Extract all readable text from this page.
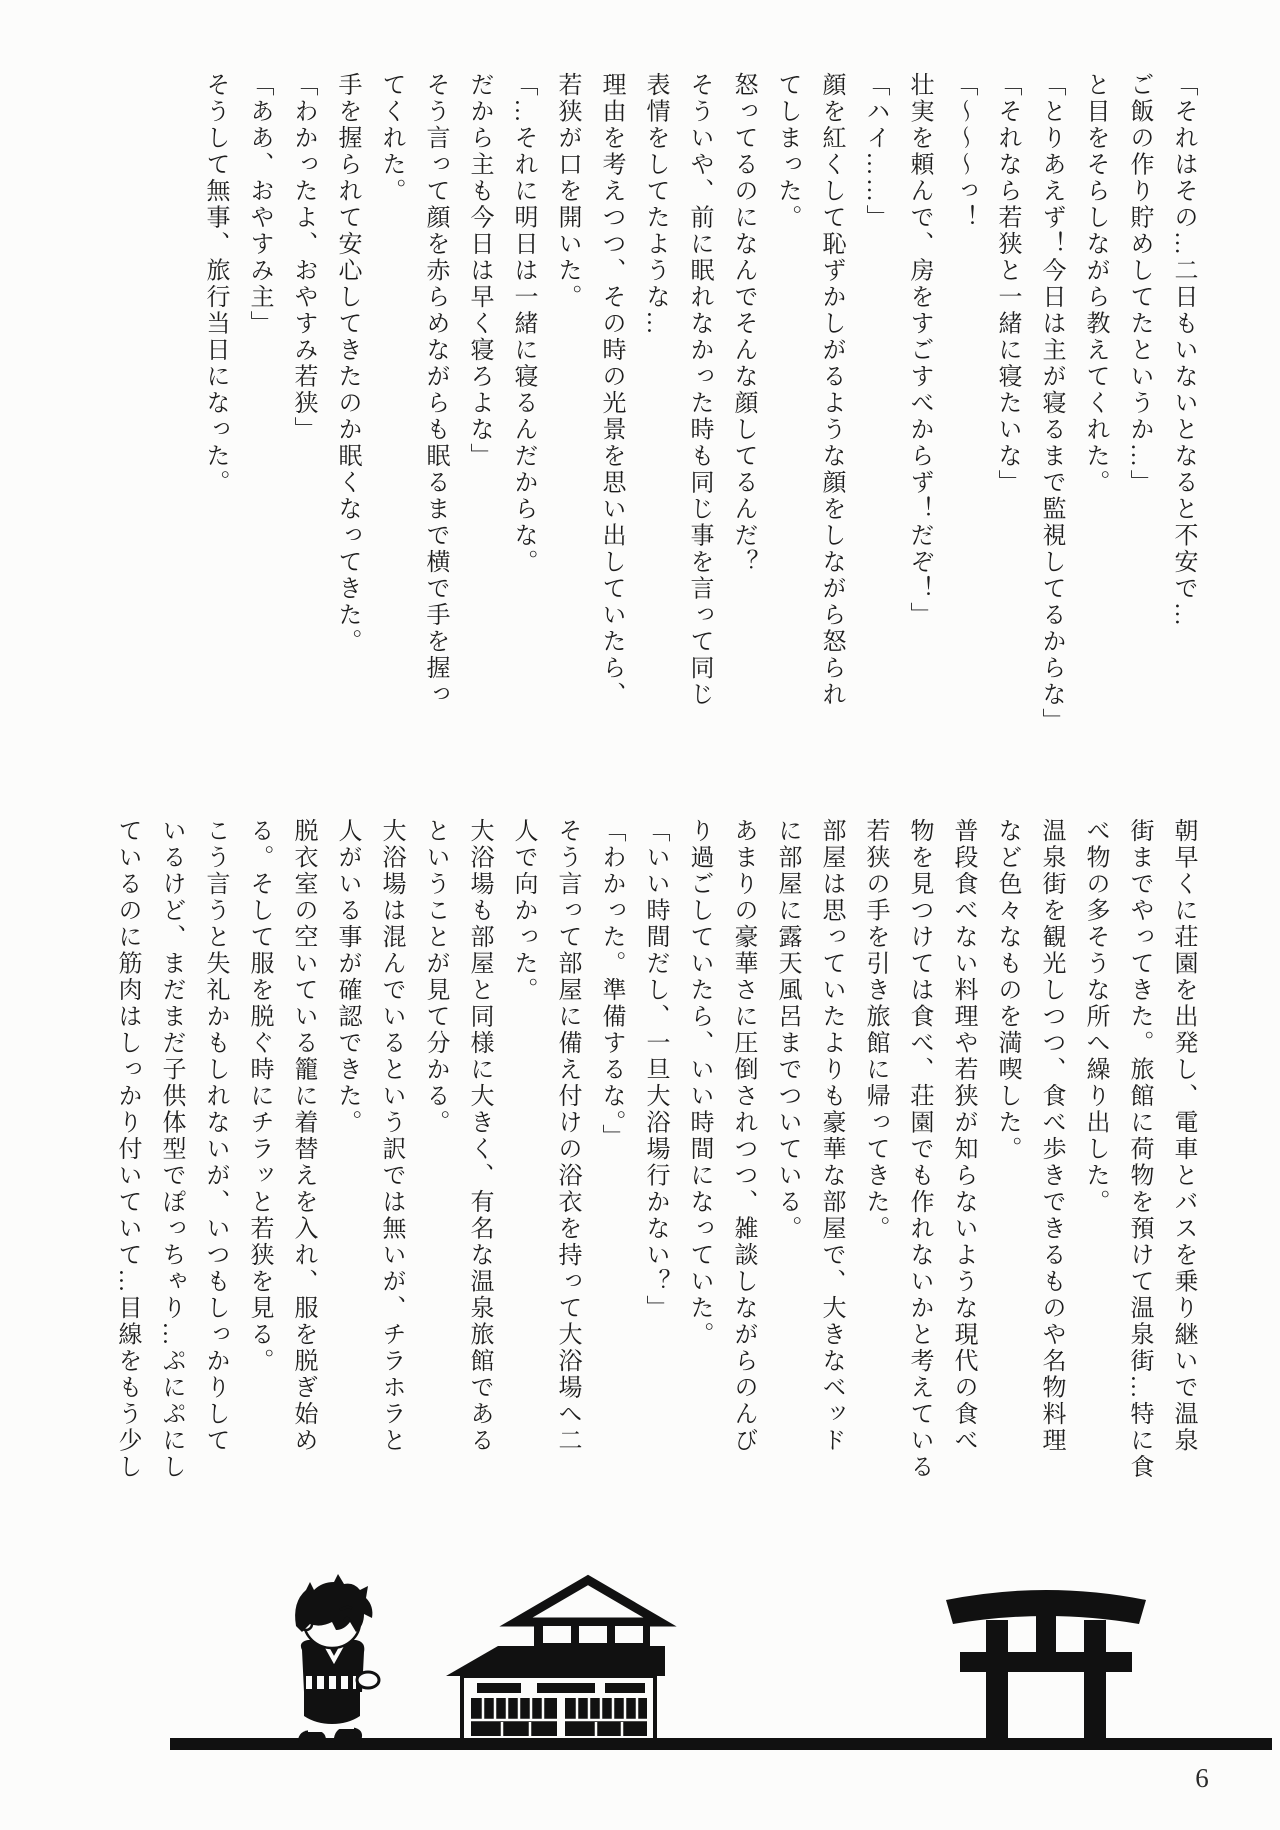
「それはその…二日もいないとなると不安で…

ご飯の作り貯めしてたというか…」

と目をそらしながら教えてくれた。

「とりあえず！今日は主が寝るまで監視してるからな」

「それなら若狭と一緒に寝たいな」

「～～～っ！

壮実を頼んで、房をすごすべからず！だぞ！」

「ハイ……」

顔を紅くして恥ずかしがるような顔をしながら怒られ

てしまった。

怒ってるのになんでそんな顔してるんだ？

そういや、前に眠れなかった時も同じ事を言って同じ

表情をしてたような…

理由を考えつつ、その時の光景を思い出していたら、

若狭が口を開いた。

「…それに明日は一緒に寝るんだからな。

だから主も今日は早く寝ろよな」

そう言って顔を赤らめながらも眠るまで横で手を握っ

てくれた。

手を握られて安心してきたのか眠くなってきた。

「わかったよ、おやすみ若狭」

「ああ、おやすみ主」

そうして無事、旅行当日になった。

朝早くに荘園を出発し、電車とバスを乗り継いで温泉

街までやってきた。旅館に荷物を預けて温泉街…特に食

べ物の多そうな所へ繰り出した。

温泉街を観光しつつ、食べ歩きできるものや名物料理

など色々なものを満喫した。

普段食べない料理や若狭が知らないような現代の食べ

物を見つけては食べ、荘園でも作れないかと考えている

若狭の手を引き旅館に帰ってきた。

部屋は思っていたよりも豪華な部屋で、大きなベッド

に部屋に露天風呂までついている。

あまりの豪華さに圧倒されつつ、雑談しながらのんび

り過ごしていたら、いい時間になっていた。

「いい時間だし、一旦大浴場行かない？」

「わかった。準備するな。」

そう言って部屋に備え付けの浴衣を持って大浴場へ二

人で向かった。

大浴場も部屋と同様に大きく、有名な温泉旅館である

ということが見て分かる。

大浴場は混んでいるという訳では無いが、チラホラと

人がいる事が確認できた。

脱衣室の空いている籠に着替えを入れ、服を脱ぎ始め

る。そして服を脱ぐ時にチラッと若狭を見る。

こう言うと失礼かもしれないが、いつもしっかりして

いるけど、まだまだ子供体型でぽっちゃり…ぷにぷにし

ているのに筋肉はしっかり付いていて…目線をもう少し

6
